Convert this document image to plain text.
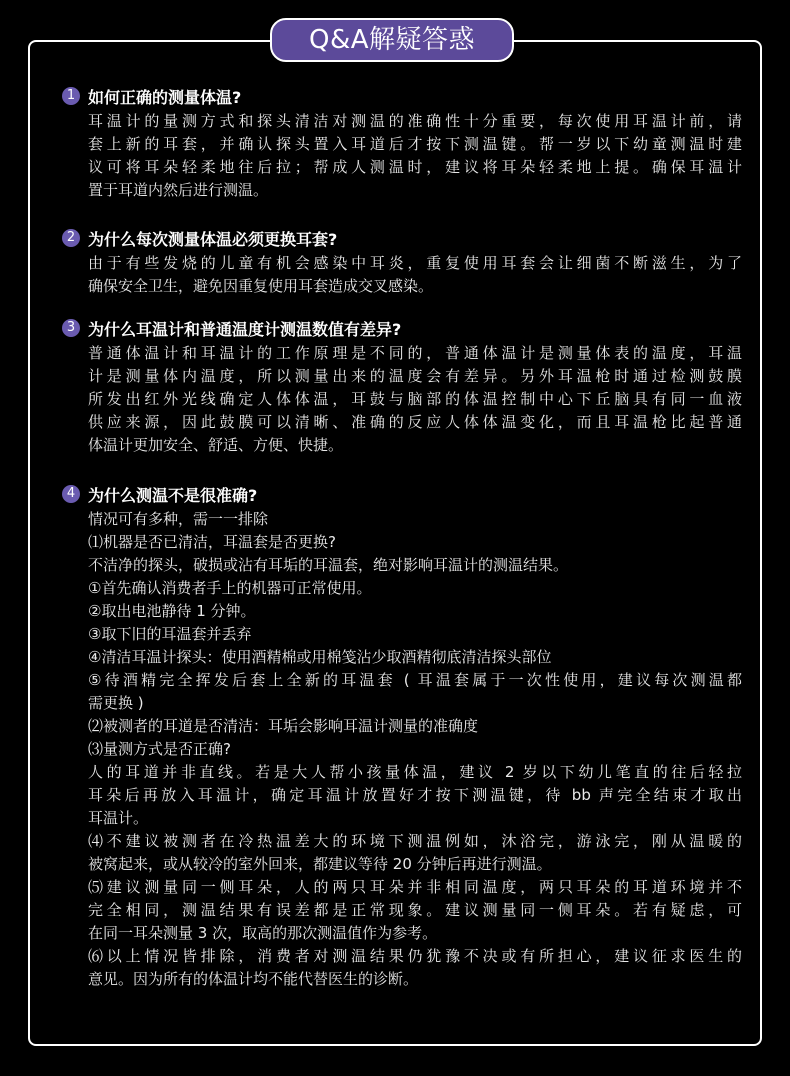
Q&A解疑答惑
1 如何正确的测量体温?
耳温计的量测方式和探头清洁对测温的准确性十分重要，每次使用耳温计前，请
套上新的耳套，并确认探头置入耳道后才按下测温键。帮一岁以下幼童测温时建
议可将耳朵轻柔地往后拉；帮成人测温时，建议将耳朵轻柔地上提。确保耳温计
置于耳道内然后进行测温。
2 为什么每次测量体温必须更换耳套?
由于有些发烧的儿童有机会感染中耳炎，重复使用耳套会让细菌不断滋生，为了
确保安全卫生，避免因重复使用耳套造成交叉感染。
3 为什么耳温计和普通温度计测温数值有差异?
普通体温计和耳温计的工作原理是不同的，普通体温计是测量体表的温度，耳温
计是测量体内温度，所以测量出来的温度会有差异。另外耳温枪时通过检测鼓膜
所发出红外光线确定人体体温，耳鼓与脑部的体温控制中心下丘脑具有同一血液
供应来源，因此鼓膜可以清晰、准确的反应人体体温变化，而且耳温枪比起普通
体温计更加安全、舒适、方便、快捷。
4 为什么测温不是很准确?
情况可有多种，需一一排除
⑴机器是否已清洁，耳温套是否更换?
不洁净的探头，破损或沾有耳垢的耳温套，绝对影响耳温计的测温结果。
①首先确认消费者手上的机器可正常使用。
②取出电池静待 1 分钟。
③取下旧的耳温套并丢弃
④清洁耳温计探头：使用酒精棉或用棉笺沾少取酒精彻底清洁探头部位
⑤待酒精完全挥发后套上全新的耳温套 ( 耳温套属于一次性使用，建议每次测温都
需更换 )
⑵被测者的耳道是否清洁：耳垢会影响耳温计测量的准确度
⑶量测方式是否正确?
人的耳道并非直线。若是大人帮小孩量体温，建议 2 岁以下幼儿笔直的往后轻拉
耳朵后再放入耳温计，确定耳温计放置好才按下测温键，待 bb 声完全结束才取出
耳温计。
⑷不建议被测者在冷热温差大的环境下测温例如，沐浴完，游泳完，刚从温暖的
被窝起来，或从较冷的室外回来，都建议等待 20 分钟后再进行测温。
⑸建议测量同一侧耳朵，人的两只耳朵并非相同温度，两只耳朵的耳道环境并不
完全相同，测温结果有误差都是正常现象。建议测量同一侧耳朵。若有疑虑，可
在同一耳朵测量 3 次，取高的那次测温值作为参考。
⑹以上情况皆排除，消费者对测温结果仍犹豫不决或有所担心，建议征求医生的
意见。因为所有的体温计均不能代替医生的诊断。
